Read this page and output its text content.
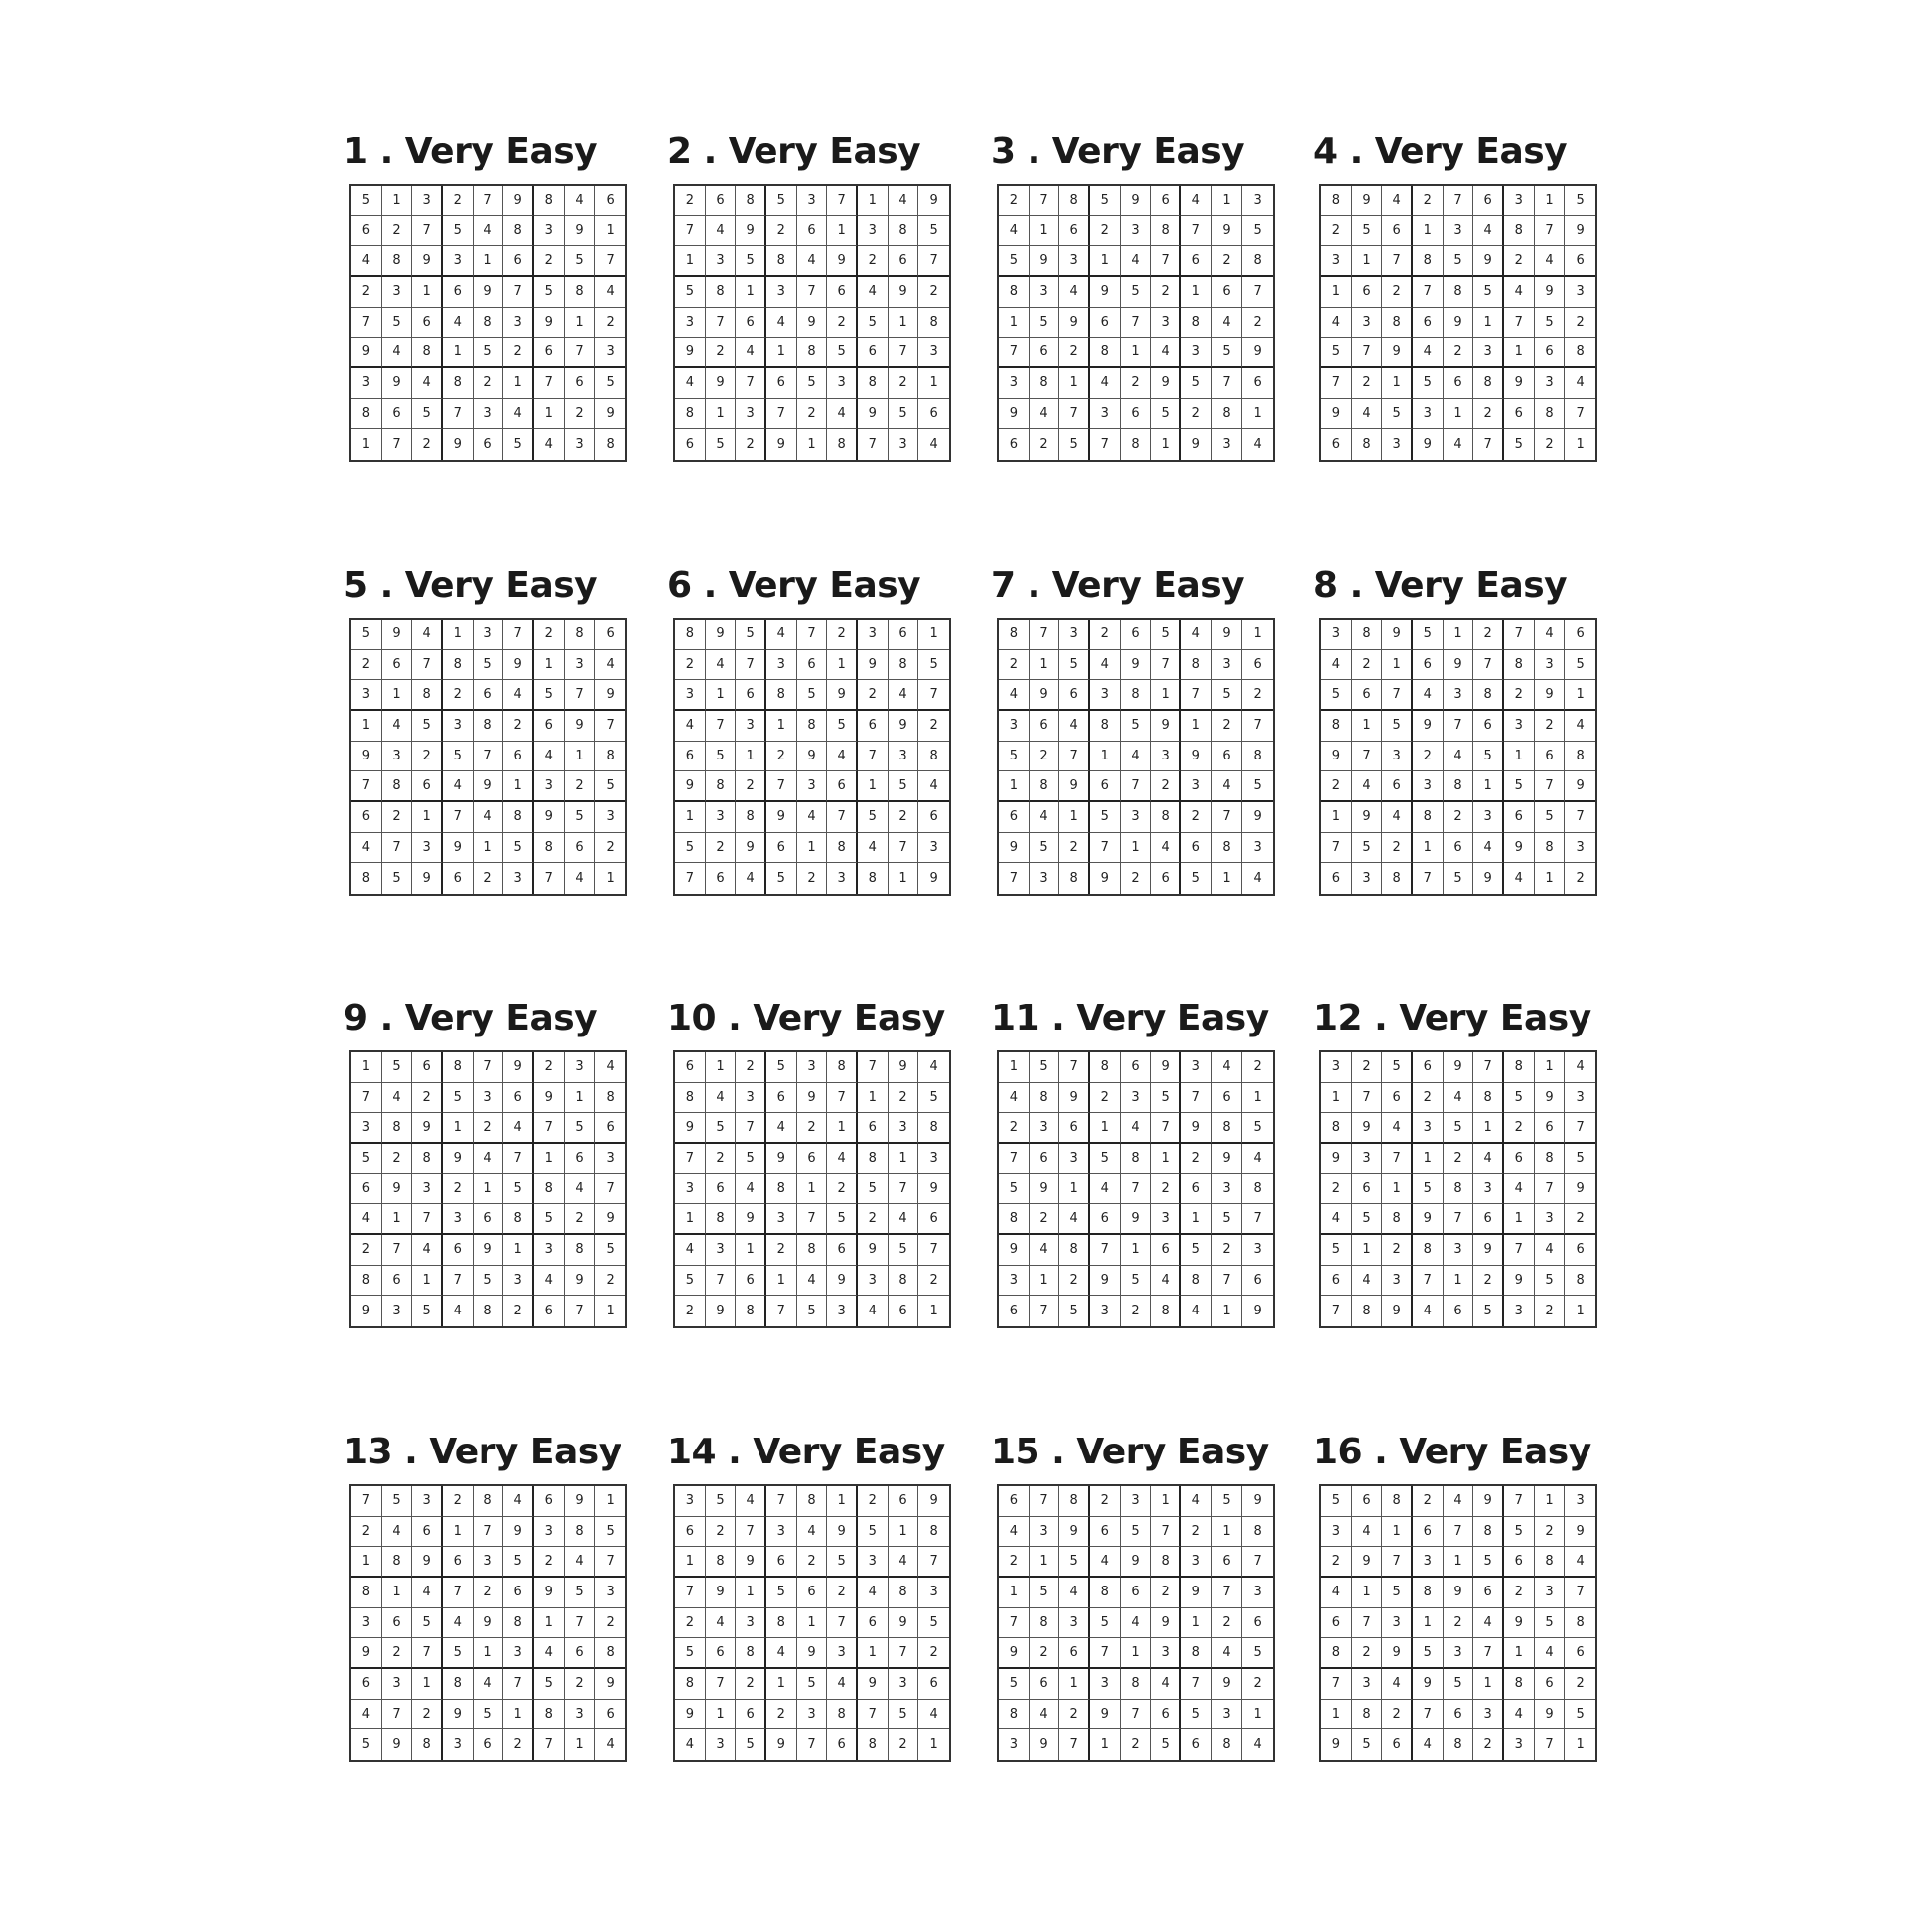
1 . Very Easy
5	1	3	2	7	9	8	4	6
6	2	7	5	4	8	3	9	1
4	8	9	3	1	6	2	5	7
2	3	1	6	9	7	5	8	4
7	5	6	4	8	3	9	1	2
9	4	8	1	5	2	6	7	3
3	9	4	8	2	1	7	6	5
8	6	5	7	3	4	1	2	9
1	7	2	9	6	5	4	3	8
2 . Very Easy
2	6	8	5	3	7	1	4	9
7	4	9	2	6	1	3	8	5
1	3	5	8	4	9	2	6	7
5	8	1	3	7	6	4	9	2
3	7	6	4	9	2	5	1	8
9	2	4	1	8	5	6	7	3
4	9	7	6	5	3	8	2	1
8	1	3	7	2	4	9	5	6
6	5	2	9	1	8	7	3	4
3 . Very Easy
2	7	8	5	9	6	4	1	3
4	1	6	2	3	8	7	9	5
5	9	3	1	4	7	6	2	8
8	3	4	9	5	2	1	6	7
1	5	9	6	7	3	8	4	2
7	6	2	8	1	4	3	5	9
3	8	1	4	2	9	5	7	6
9	4	7	3	6	5	2	8	1
6	2	5	7	8	1	9	3	4
4 . Very Easy
8	9	4	2	7	6	3	1	5
2	5	6	1	3	4	8	7	9
3	1	7	8	5	9	2	4	6
1	6	2	7	8	5	4	9	3
4	3	8	6	9	1	7	5	2
5	7	9	4	2	3	1	6	8
7	2	1	5	6	8	9	3	4
9	4	5	3	1	2	6	8	7
6	8	3	9	4	7	5	2	1
5 . Very Easy
5	9	4	1	3	7	2	8	6
2	6	7	8	5	9	1	3	4
3	1	8	2	6	4	5	7	9
1	4	5	3	8	2	6	9	7
9	3	2	5	7	6	4	1	8
7	8	6	4	9	1	3	2	5
6	2	1	7	4	8	9	5	3
4	7	3	9	1	5	8	6	2
8	5	9	6	2	3	7	4	1
6 . Very Easy
8	9	5	4	7	2	3	6	1
2	4	7	3	6	1	9	8	5
3	1	6	8	5	9	2	4	7
4	7	3	1	8	5	6	9	2
6	5	1	2	9	4	7	3	8
9	8	2	7	3	6	1	5	4
1	3	8	9	4	7	5	2	6
5	2	9	6	1	8	4	7	3
7	6	4	5	2	3	8	1	9
7 . Very Easy
8	7	3	2	6	5	4	9	1
2	1	5	4	9	7	8	3	6
4	9	6	3	8	1	7	5	2
3	6	4	8	5	9	1	2	7
5	2	7	1	4	3	9	6	8
1	8	9	6	7	2	3	4	5
6	4	1	5	3	8	2	7	9
9	5	2	7	1	4	6	8	3
7	3	8	9	2	6	5	1	4
8 . Very Easy
3	8	9	5	1	2	7	4	6
4	2	1	6	9	7	8	3	5
5	6	7	4	3	8	2	9	1
8	1	5	9	7	6	3	2	4
9	7	3	2	4	5	1	6	8
2	4	6	3	8	1	5	7	9
1	9	4	8	2	3	6	5	7
7	5	2	1	6	4	9	8	3
6	3	8	7	5	9	4	1	2
9 . Very Easy
1	5	6	8	7	9	2	3	4
7	4	2	5	3	6	9	1	8
3	8	9	1	2	4	7	5	6
5	2	8	9	4	7	1	6	3
6	9	3	2	1	5	8	4	7
4	1	7	3	6	8	5	2	9
2	7	4	6	9	1	3	8	5
8	6	1	7	5	3	4	9	2
9	3	5	4	8	2	6	7	1
10 . Very Easy
6	1	2	5	3	8	7	9	4
8	4	3	6	9	7	1	2	5
9	5	7	4	2	1	6	3	8
7	2	5	9	6	4	8	1	3
3	6	4	8	1	2	5	7	9
1	8	9	3	7	5	2	4	6
4	3	1	2	8	6	9	5	7
5	7	6	1	4	9	3	8	2
2	9	8	7	5	3	4	6	1
11 . Very Easy
1	5	7	8	6	9	3	4	2
4	8	9	2	3	5	7	6	1
2	3	6	1	4	7	9	8	5
7	6	3	5	8	1	2	9	4
5	9	1	4	7	2	6	3	8
8	2	4	6	9	3	1	5	7
9	4	8	7	1	6	5	2	3
3	1	2	9	5	4	8	7	6
6	7	5	3	2	8	4	1	9
12 . Very Easy
3	2	5	6	9	7	8	1	4
1	7	6	2	4	8	5	9	3
8	9	4	3	5	1	2	6	7
9	3	7	1	2	4	6	8	5
2	6	1	5	8	3	4	7	9
4	5	8	9	7	6	1	3	2
5	1	2	8	3	9	7	4	6
6	4	3	7	1	2	9	5	8
7	8	9	4	6	5	3	2	1
13 . Very Easy
7	5	3	2	8	4	6	9	1
2	4	6	1	7	9	3	8	5
1	8	9	6	3	5	2	4	7
8	1	4	7	2	6	9	5	3
3	6	5	4	9	8	1	7	2
9	2	7	5	1	3	4	6	8
6	3	1	8	4	7	5	2	9
4	7	2	9	5	1	8	3	6
5	9	8	3	6	2	7	1	4
14 . Very Easy
3	5	4	7	8	1	2	6	9
6	2	7	3	4	9	5	1	8
1	8	9	6	2	5	3	4	7
7	9	1	5	6	2	4	8	3
2	4	3	8	1	7	6	9	5
5	6	8	4	9	3	1	7	2
8	7	2	1	5	4	9	3	6
9	1	6	2	3	8	7	5	4
4	3	5	9	7	6	8	2	1
15 . Very Easy
6	7	8	2	3	1	4	5	9
4	3	9	6	5	7	2	1	8
2	1	5	4	9	8	3	6	7
1	5	4	8	6	2	9	7	3
7	8	3	5	4	9	1	2	6
9	2	6	7	1	3	8	4	5
5	6	1	3	8	4	7	9	2
8	4	2	9	7	6	5	3	1
3	9	7	1	2	5	6	8	4
16 . Very Easy
5	6	8	2	4	9	7	1	3
3	4	1	6	7	8	5	2	9
2	9	7	3	1	5	6	8	4
4	1	5	8	9	6	2	3	7
6	7	3	1	2	4	9	5	8
8	2	9	5	3	7	1	4	6
7	3	4	9	5	1	8	6	2
1	8	2	7	6	3	4	9	5
9	5	6	4	8	2	3	7	1
